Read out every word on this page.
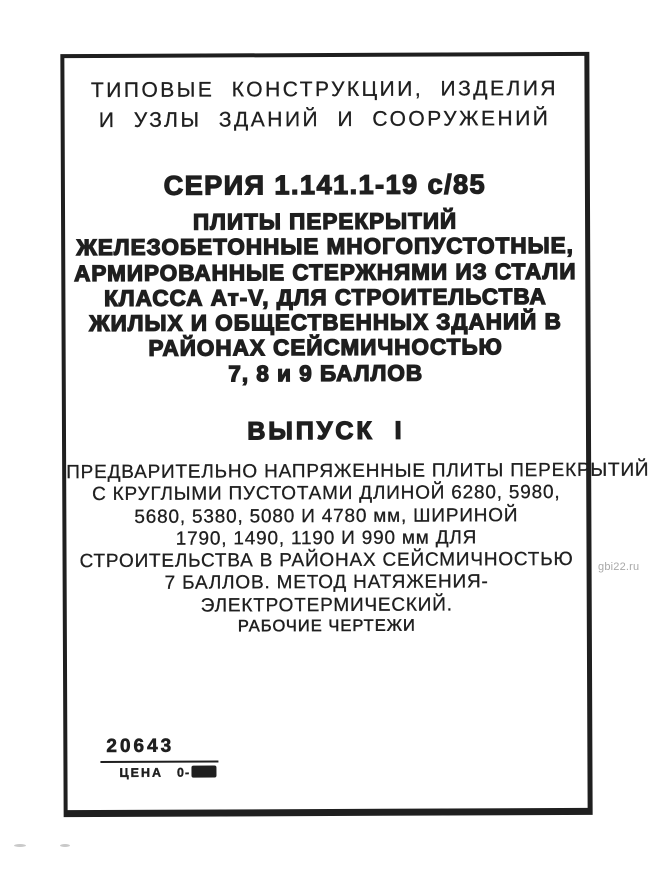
ТИПОВЫЕ КОНСТРУКЦИИ, ИЗДЕЛИЯ
И УЗЛЫ ЗДАНИЙ И СООРУЖЕНИЙ
СЕРИЯ 1.141.1-19 с/85
ПЛИТЫ ПЕРЕКРЫТИЙ
ЖЕЛЕЗОБЕТОННЫЕ МНОГОПУСТОТНЫЕ,
АРМИРОВАННЫЕ СТЕРЖНЯМИ ИЗ СТАЛИ
КЛАССА Ат-V, ДЛЯ СТРОИТЕЛЬСТВА
ЖИЛЫХ И ОБЩЕСТВЕННЫХ ЗДАНИЙ В
РАЙОНАХ СЕЙСМИЧНОСТЬЮ
7, 8 и 9 БАЛЛОВ
ВЫПУСК I
ПРЕДВАРИТЕЛЬНО НАПРЯЖЕННЫЕ ПЛИТЫ ПЕРЕКРЫТИЙ
С КРУГЛЫМИ ПУСТОТАМИ ДЛИНОЙ 6280, 5980,
5680, 5380, 5080 И 4780 мм, ШИРИНОЙ
1790, 1490, 1190 И 990 мм ДЛЯ
СТРОИТЕЛЬСТВА В РАЙОНАХ СЕЙСМИЧНОСТЬЮ
7 БАЛЛОВ. МЕТОД НАТЯЖЕНИЯ-
ЭЛЕКТРОТЕРМИЧЕСКИЙ.
РАБОЧИЕ ЧЕРТЕЖИ
20643
ЦЕНА 0-
gbi22.ru
